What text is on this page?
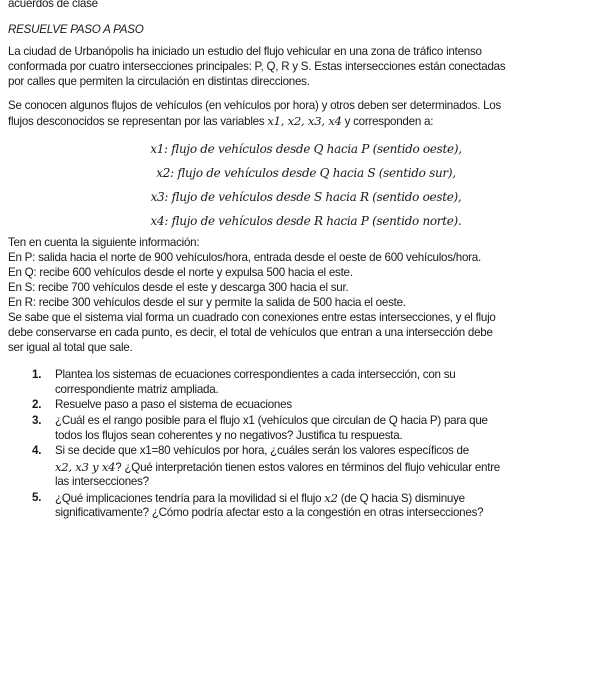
acuerdos de clase
RESUELVE PASO A PASO
La ciudad de Urbanópolis ha iniciado un estudio del flujo vehicular en una zona de tráfico intenso
conformada por cuatro intersecciones principales: P, Q, R y S. Estas intersecciones están conectadas
por calles que permiten la circulación en distintas direcciones.
Se conocen algunos flujos de vehículos (en vehículos por hora) y otros deben ser determinados. Los
flujos desconocidos se representan por las variables x1, x2, x3, x4 y corresponden a:
x1: flujo de vehículos desde Q hacia P (sentido oeste),
x2: flujo de vehículos desde Q hacia S (sentido sur),
x3: flujo de vehículos desde S hacia R (sentido oeste),
x4: flujo de vehículos desde R hacia P (sentido norte).
Ten en cuenta la siguiente información:
En P: salida hacia el norte de 900 vehículos/hora, entrada desde el oeste de 600 vehículos/hora.
En Q: recibe 600 vehículos desde el norte y expulsa 500 hacia el este.
En S: recibe 700 vehículos desde el este y descarga 300 hacia el sur.
En R: recibe 300 vehículos desde el sur y permite la salida de 500 hacia el oeste.
Se sabe que el sistema vial forma un cuadrado con conexiones entre estas intersecciones, y el flujo
debe conservarse en cada punto, es decir, el total de vehículos que entran a una intersección debe
ser igual al total que sale.
1. Plantea los sistemas de ecuaciones correspondientes a cada intersección, con su
correspondiente matriz ampliada.
2. Resuelve paso a paso el sistema de ecuaciones
3. ¿Cuál es el rango posible para el flujo x1 (vehículos que circulan de Q hacia P) para que
todos los flujos sean coherentes y no negativos? Justifica tu respuesta.
4. Si se decide que x1=80 vehículos por hora, ¿cuáles serán los valores específicos de
x2, x3 y x4? ¿Qué interpretación tienen estos valores en términos del flujo vehicular entre
las intersecciones?
5. ¿Qué implicaciones tendría para la movilidad si el flujo x2 (de Q hacia S) disminuye
significativamente? ¿Cómo podría afectar esto a la congestión en otras intersecciones?
